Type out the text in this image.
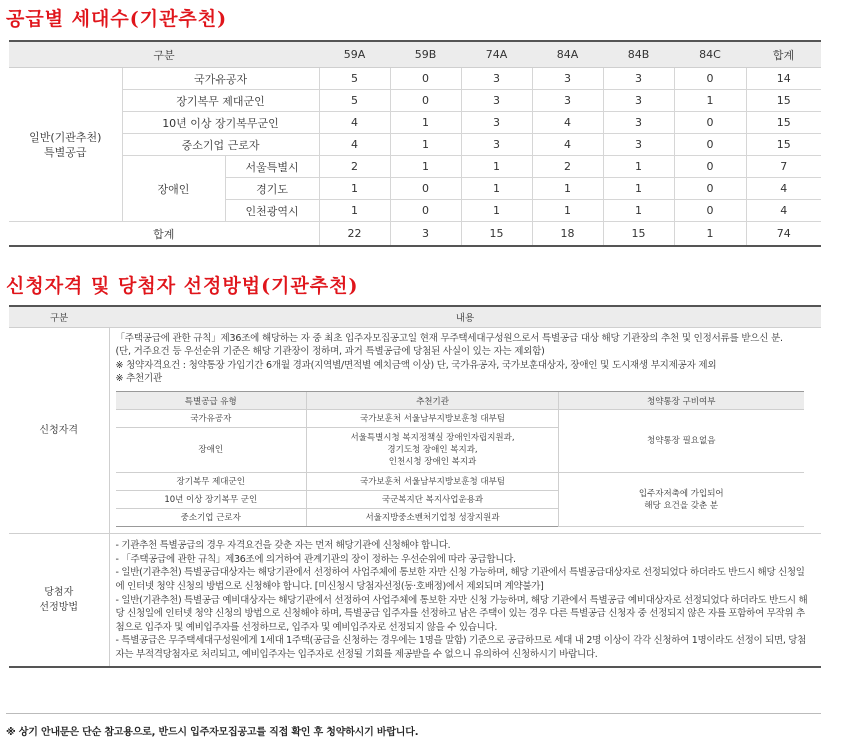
공급별 세대수(기관추천)
구분			59A	59B	74A	84A	84B	84C	합계
일반(기관추천)
특별공급	국가유공자		5	0	3	3	3	0	14
	장기복무 제대군인		5	0	3	3	3	1	15
	10년 이상 장기복무군인		4	1	3	4	3	0	15
	중소기업 근로자		4	1	3	4	3	0	15
	장애인	서울특별시	2	1	1	2	1	0	7
		경기도	1	0	1	1	1	0	4
		인천광역시	1	0	1	1	1	0	4
합계			22	3	15	18	15	1	74
신청자격 및 당첨자 선정방법(기관추천)
구분	내용
신청자격	
「주택공급에 관한 규칙」제36조에 해당하는 자 중 최초 입주자모집공고일 현재 무주택세대구성원으로서 특별공급 대상 해당 기관장의 추천 및 인정서류를 받으신 분.
(단, 거주요건 등 우선순위 기준은 해당 기관장이 정하며, 과거 특별공급에 당첨된 사실이 있는 자는 제외함)
※ 청약자격요건 : 청약통장 가입기간 6개월 경과(지역별/면적별 예치금액 이상) 단, 국가유공자, 국가보훈대상자, 장애인 및 도시재생 부지제공자 제외
※ 추천기관
특별공급 유형	추천기관	청약통장 구비여부
국가유공자	국가보훈처 서울남부지방보훈청 대부팀	청약통장 필요없음
장애인	서울특별시청 복지정책실 장애인자립지원과,
경기도청 장애인 복지과,
인천시청 장애인 복지과
장기복무 제대군인	국가보훈처 서울남부지방보훈청 대부팀	입주자저축에 가입되어
해당 요건을 갖춘 분
10년 이상 장기복무 군인	국군복지단 복지사업운용과
중소기업 근로자	서울지방중소벤처기업청 성장지원과

당첨자
선정방법	
- 기관추천 특별공급의 경우 자격요건을 갖춘 자는 먼저 해당기관에 신청해야 합니다.
- 「주택공급에 관한 규칙」제36조에 의거하여 관계기관의 장이 정하는 우선순위에 따라 공급합니다.
- 일반(기관추천) 특별공급대상자는 해당기관에서 선정하여 사업주체에 통보한 자만 신청 가능하며, 해당 기관에서 특별공급대상자로 선정되었다 하더라도 반드시 해당 신청일에 인터넷 청약 신청의 방법으로 신청해야 합니다. [미신청시 당첨자선정(동·호배정)에서 제외되며 계약불가]
- 일반(기관추천) 특별공급 예비대상자는 해당기관에서 선정하여 사업주체에 통보한 자만 신청 가능하며, 해당 기관에서 특별공급 예비대상자로 선정되었다 하더라도 반드시 해당 신청일에 인터넷 청약 신청의 방법으로 신청해야 하며, 특별공급 입주자를 선정하고 남은 주택이 있는 경우 다른 특별공급 신청자 중 선정되지 않은 자를 포함하여 무작위 추첨으로 입주자 및 예비입주자를 선정하므로, 입주자 및 예비입주자로 선정되지 않을 수 있습니다.
- 특별공급은 무주택세대구성원에게 1세대 1주택(공급을 신청하는 경우에는 1명을 말함) 기준으로 공급하므로 세대 내 2명 이상이 각각 신청하여 1명이라도 선정이 되면, 당첨자는 부적격당첨자로 처리되고, 예비입주자는 입주자로 선정될 기회를 제공받을 수 없으니 유의하여 신청하시기 바랍니다.
※ 상기 안내문은 단순 참고용으로, 반드시 입주자모집공고를 직접 확인 후 청약하시기 바랍니다.
